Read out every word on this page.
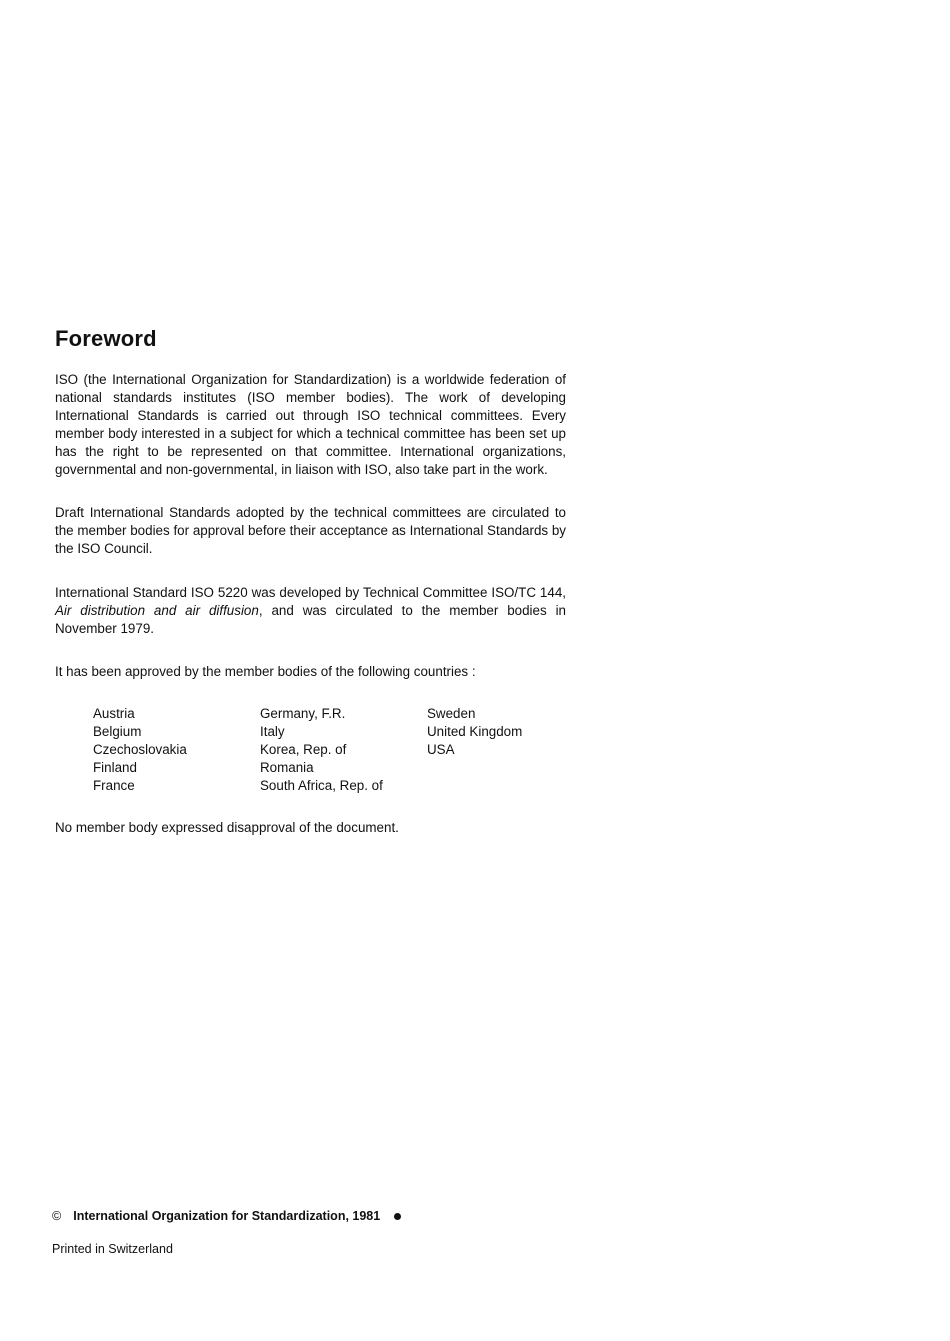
Foreword

ISO (the International Organization for Standardization) is a worldwide federation of national standards institutes (ISO member bodies). The work of developing International Standards is carried out through ISO technical committees. Every member body interested in a subject for which a technical committee has been set up has the right to be represented on that committee. International organizations, governmental and non-governmental, in liaison with ISO, also take part in the work.

Draft International Standards adopted by the technical committees are circulated to the member bodies for approval before their acceptance as International Standards by the ISO Council.

International Standard ISO 5220 was developed by Technical Committee ISO/TC 144, Air distribution and air diffusion, and was circulated to the member bodies in November 1979.

It has been approved by the member bodies of the following countries :

Austria
Belgium
Czechoslovakia
Finland
France
Germany, F.R.
Italy
Korea, Rep. of
Romania
South Africa, Rep. of
Sweden
United Kingdom
USA

No member body expressed disapproval of the document.

© International Organization for Standardization, 1981
Printed in Switzerland
